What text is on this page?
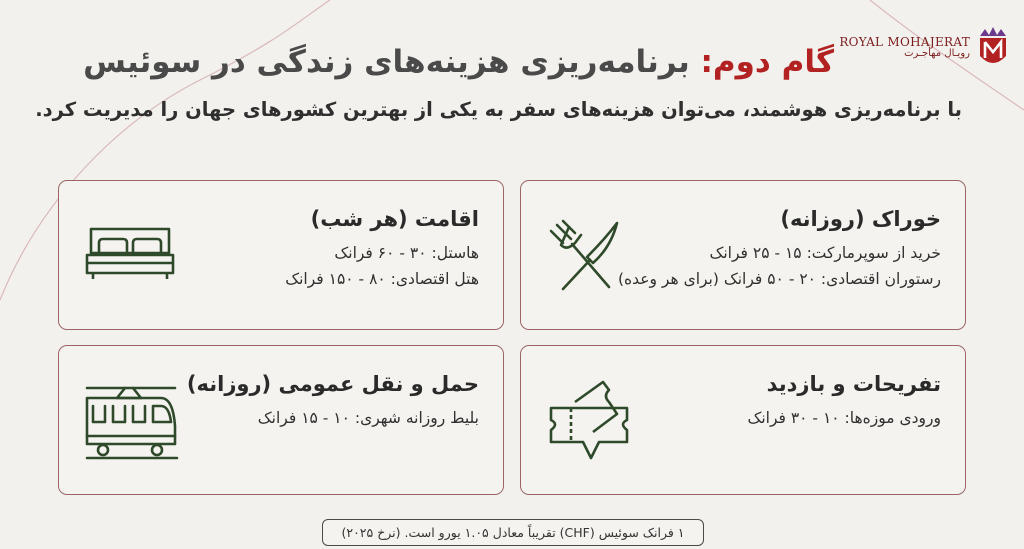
ROYAL MOHAJERAT
رویـال مهاجـرت
گام دوم: برنامه‌ریزی هزینه‌های زندگی در سوئیس
با برنامه‌ریزی هوشمند، می‌توان هزینه‌های سفر به یکی از بهترین کشورهای جهان را مدیریت کرد.
خوراک (روزانه)
خرید از سوپرمارکت: ۱۵ - ۲۵ فرانک
رستوران اقتصادی: ۲۰ - ۵۰ فرانک (برای هر وعده)
اقامت (هر شب)
هاستل: ۳۰ - ۶۰ فرانک
هتل اقتصادی: ۸۰ - ۱۵۰ فرانک
تفریحات و بازدید
ورودی موزه‌ها: ۱۰ - ۳۰ فرانک
حمل و نقل عمومی (روزانه)
بلیط روزانه شهری: ۱۰ - ۱۵ فرانک
۱ فرانک سوئیس (CHF) تقریباً معادل ۱.۰۵ یورو است. (نرخ ۲۰۲۵)
